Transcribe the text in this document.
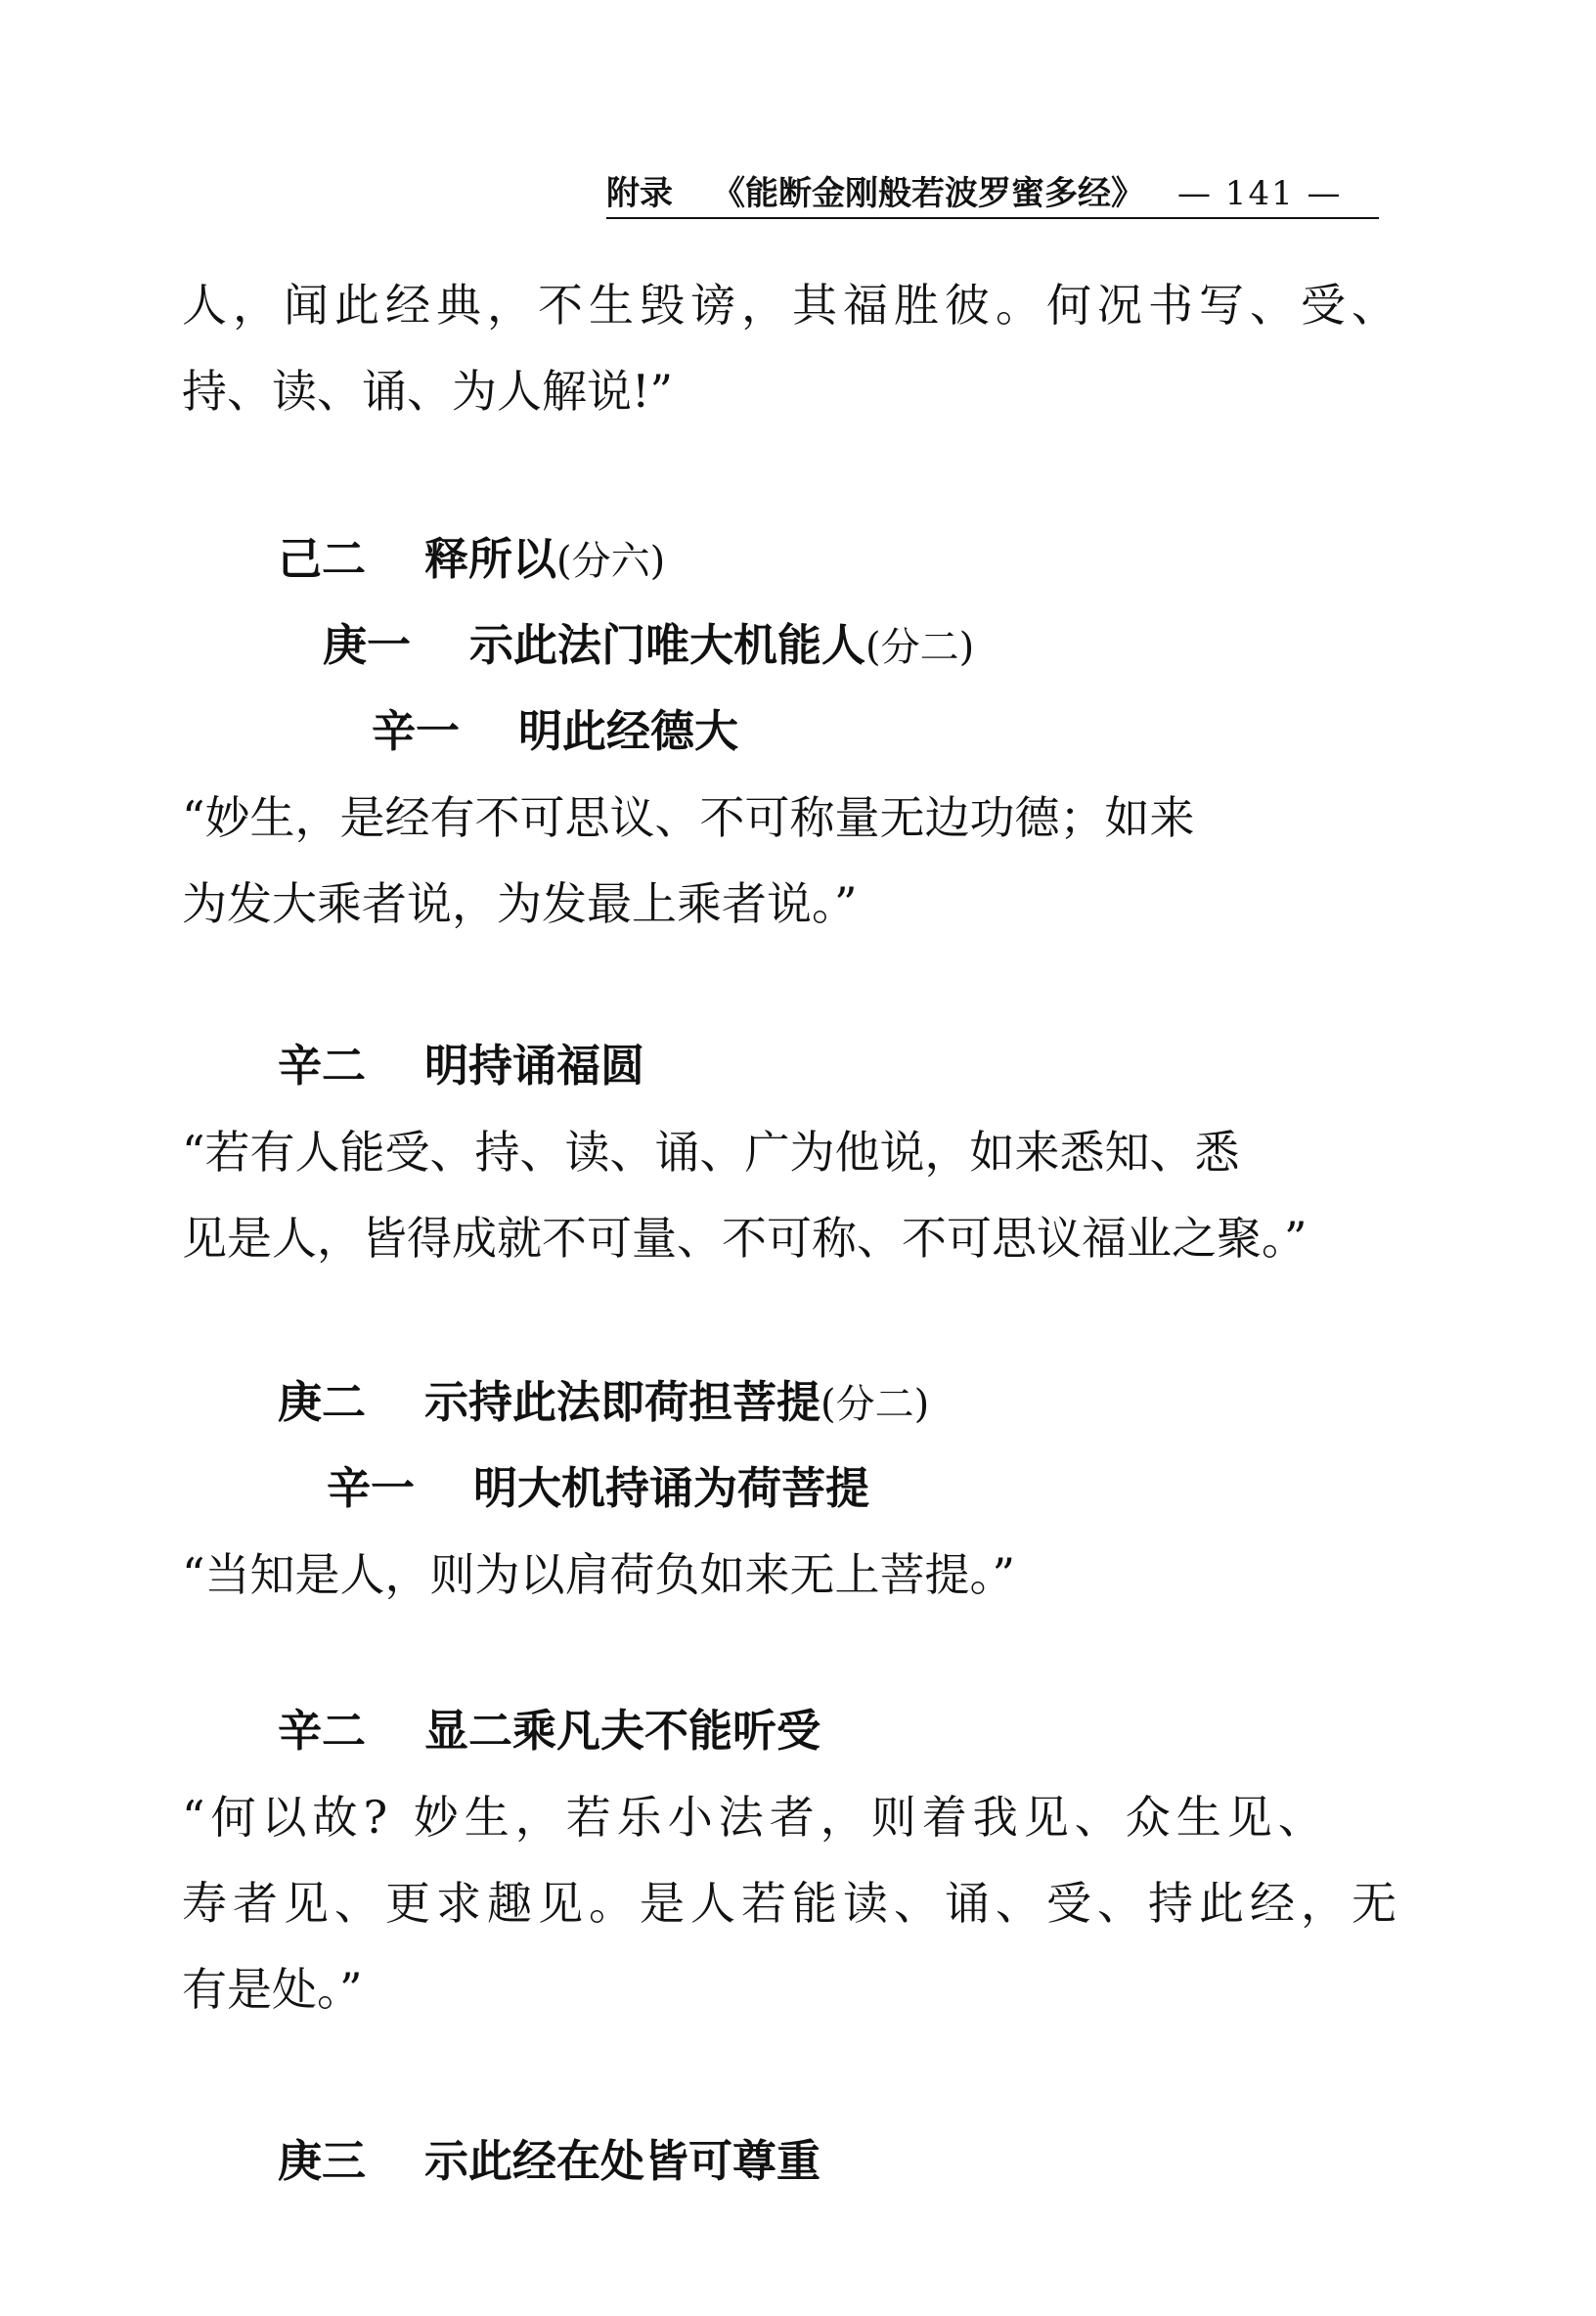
附录 《能断金刚般若波罗蜜多经》 — 141 —
人，闻此经典，不生毁谤，其福胜彼。何况书写、受、
持、读、诵、为人解说!”
己二 释所以(分六)
庚一 示此法门唯大机能人(分二)
辛一 明此经德大
“妙生，是经有不可思议、不可称量无边功德；如来
为发大乘者说，为发最上乘者说。”
辛二 明持诵福圆
“若有人能受、持、读、诵、广为他说，如来悉知、悉
见是人，皆得成就不可量、不可称、不可思议福业之聚。”
庚二 示持此法即荷担菩提(分二)
辛一 明大机持诵为荷菩提
“当知是人，则为以肩荷负如来无上菩提。”
辛二 显二乘凡夫不能听受
“何以故? 妙生，若乐小法者，则着我见、众生见、
寿者见、更求趣见。是人若能读、诵、受、持此经，无
有是处。”
庚三 示此经在处皆可尊重
